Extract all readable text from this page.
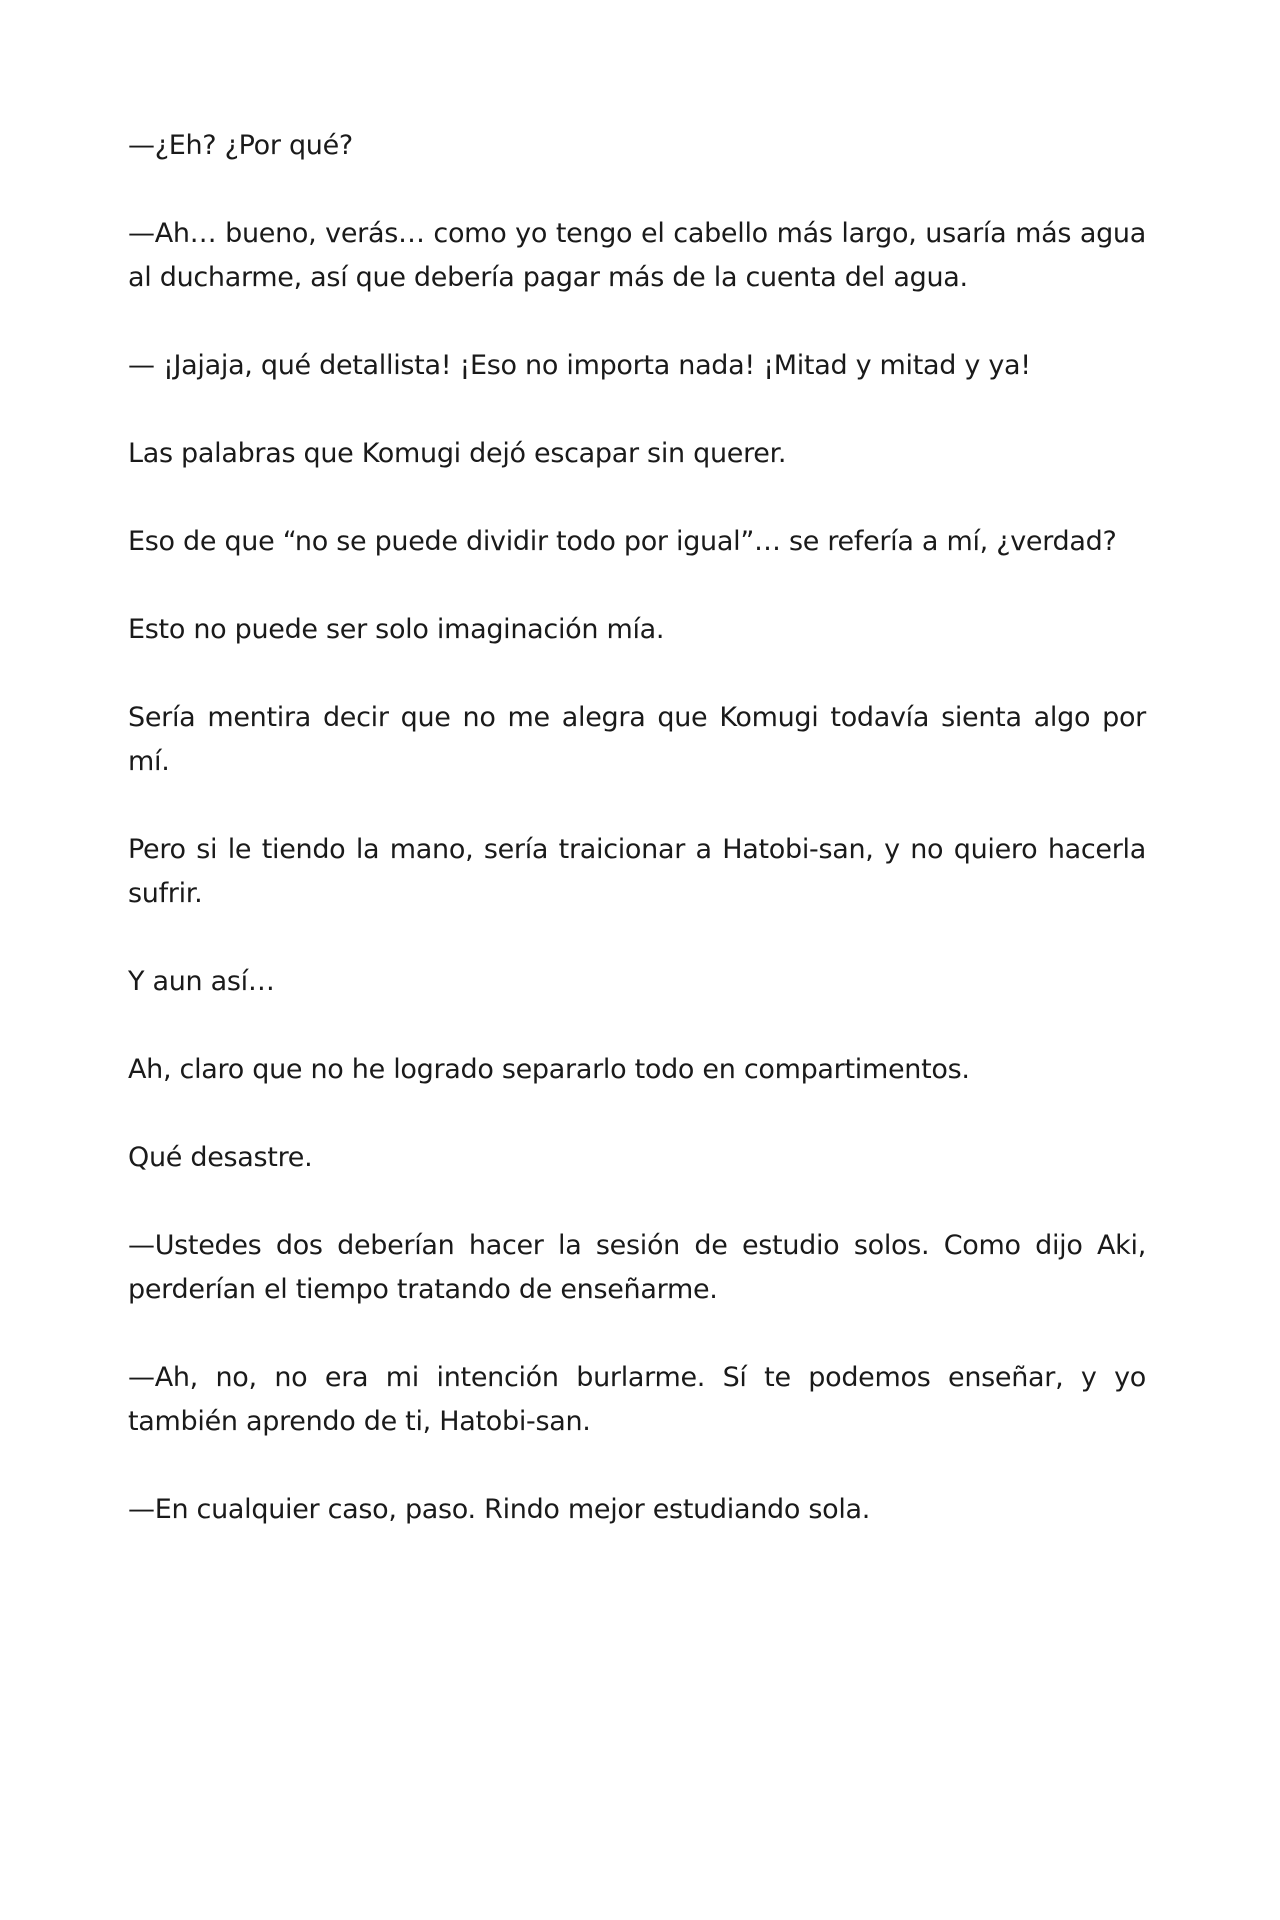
—¿Eh? ¿Por qué?

—Ah… bueno, verás… como yo tengo el cabello más largo, usaría más agua al ducharme, así que debería pagar más de la cuenta del agua.

— ¡Jajaja, qué detallista! ¡Eso no importa nada! ¡Mitad y mitad y ya!

Las palabras que Komugi dejó escapar sin querer.

Eso de que “no se puede dividir todo por igual”… se refería a mí, ¿verdad?

Esto no puede ser solo imaginación mía.

Sería mentira decir que no me alegra que Komugi todavía sienta algo por mí.

Pero si le tiendo la mano, sería traicionar a Hatobi-san, y no quiero hacerla sufrir.

Y aun así…

Ah, claro que no he logrado separarlo todo en compartimentos.

Qué desastre.

—Ustedes dos deberían hacer la sesión de estudio solos. Como dijo Aki, perderían el tiempo tratando de enseñarme.

—Ah, no, no era mi intención burlarme. Sí te podemos enseñar, y yo también aprendo de ti, Hatobi-san.

—En cualquier caso, paso. Rindo mejor estudiando sola.
